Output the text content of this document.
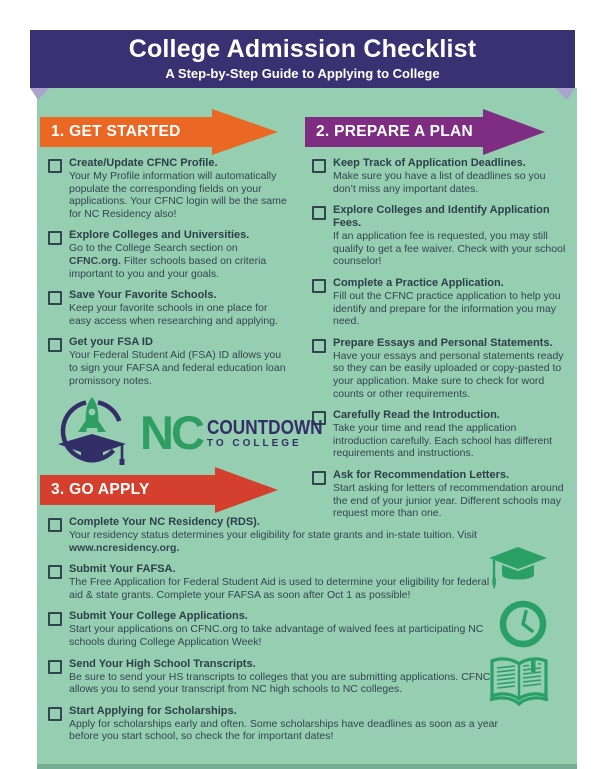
College Admission Checklist
A Step-by-Step Guide to Applying to College
1. GET STARTED	2. PREPARE A PLAN
3. GO APPLY
Create/Update CFNC Profile.
Your My Profile information will automatically populate the corresponding fields on your applications. Your CFNC login will be the same for NC Residency also!
Explore Colleges and Universities.
Go to the College Search section on CFNC.org. Filter schools based on criteria important to you and your goals.
Save Your Favorite Schools.
Keep your favorite schools in one place for easy access when researching and applying.
Get your FSA ID
Your Federal Student Aid (FSA) ID allows you to sign your FAFSA and federal education loan promissory notes.
Keep Track of Application Deadlines.
Make sure you have a list of deadlines so you don’t miss any important dates.
Explore Colleges and Identify Application Fees.
If an application fee is requested, you may still qualify to get a fee waiver. Check with your school counselor!
Complete a Practice Application.
Fill out the CFNC practice application to help you identify and prepare for the information you may need.
Prepare Essays and Personal Statements.
Have your essays and personal statements ready so they can be easily uploaded or copy-pasted to your application. Make sure to check for word counts or other requirements.
Carefully Read the Introduction.
Take your time and read the application introduction carefully. Each school has different requirements and instructions.
Ask for Recommendation Letters.
Start asking for letters of recommendation around the end of your junior year. Different schools may request more than one.
Complete Your NC Residency (RDS).
Your residency status determines your eligibility for state grants and in-state tuition. Visit www.ncresidency.org.
Submit Your FAFSA.
The Free Application for Federal Student Aid is used to determine your eligibility for federal aid & state grants. Complete your FAFSA as soon after Oct 1 as possible!
Submit Your College Applications.
Start your applications on CFNC.org to take advantage of waived fees at participating NC schools during College Application Week!
Send Your High School Transcripts.
Be sure to send your HS transcripts to colleges that you are submitting applications. CFNC allows you to send your transcript from NC high schools to NC colleges.
Start Applying for Scholarships.
Apply for scholarships early and often. Some scholarships have deadlines as soon as a year before you start school, so check the for important dates!
NC COUNTDOWN
TO COLLEGE
